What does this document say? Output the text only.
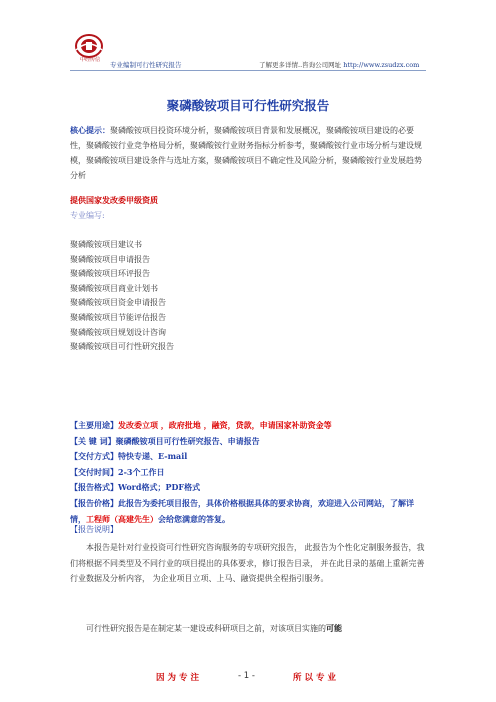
中经传信
专业编制可行性研究报告	了解更多详情..咨询公司网址 http://www.zsudzx.com
聚磷酸铵项目可行性研究报告
核心提示：聚磷酸铵项目投资环境分析，聚磷酸铵项目背景和发展概况，聚磷酸铵项目建设的必要性，聚磷酸铵行业竞争格局分析，聚磷酸铵行业财务指标分析参考，聚磷酸铵行业市场分析与建设规模，聚磷酸铵项目建设条件与选址方案，聚磷酸铵项目不确定性及风险分析，聚磷酸铵行业发展趋势分析
提供国家发改委甲级资质
专业编写:
聚磷酸铵项目建议书
聚磷酸铵项目申请报告
聚磷酸铵项目环评报告
聚磷酸铵项目商业计划书
聚磷酸铵项目资金申请报告
聚磷酸铵项目节能评估报告
聚磷酸铵项目规划设计咨询
聚磷酸铵项目可行性研究报告
【主要用途】发改委立项 ，政府批地 ，融资，贷款，申请国家补助资金等
【关 键 词】聚磷酸铵项目可行性研究报告、申请报告
【交付方式】特快专递、E-mail
【交付时间】2-3个工作日
【报告格式】Word格式；PDF格式
【报告价格】此报告为委托项目报告，具体价格根据具体的要求协商，欢迎进入公司网站，了解详情，工程师（高建先生）会给您满意的答复。
【报告说明】
本报告是针对行业投资可行性研究咨询服务的专项研究报告， 此报告为个性化定制服务报告，我们将根据不同类型及不同行业的项目提出的具体要求，修订报告目录， 并在此目录的基础上重新完善行业数据及分析内容， 为企业项目立项、上马、融资提供全程指引服务。
可行性研究报告是在制定某一建设或科研项目之前，对该项目实施的可能
因为专注	- 1 -	所以专业
